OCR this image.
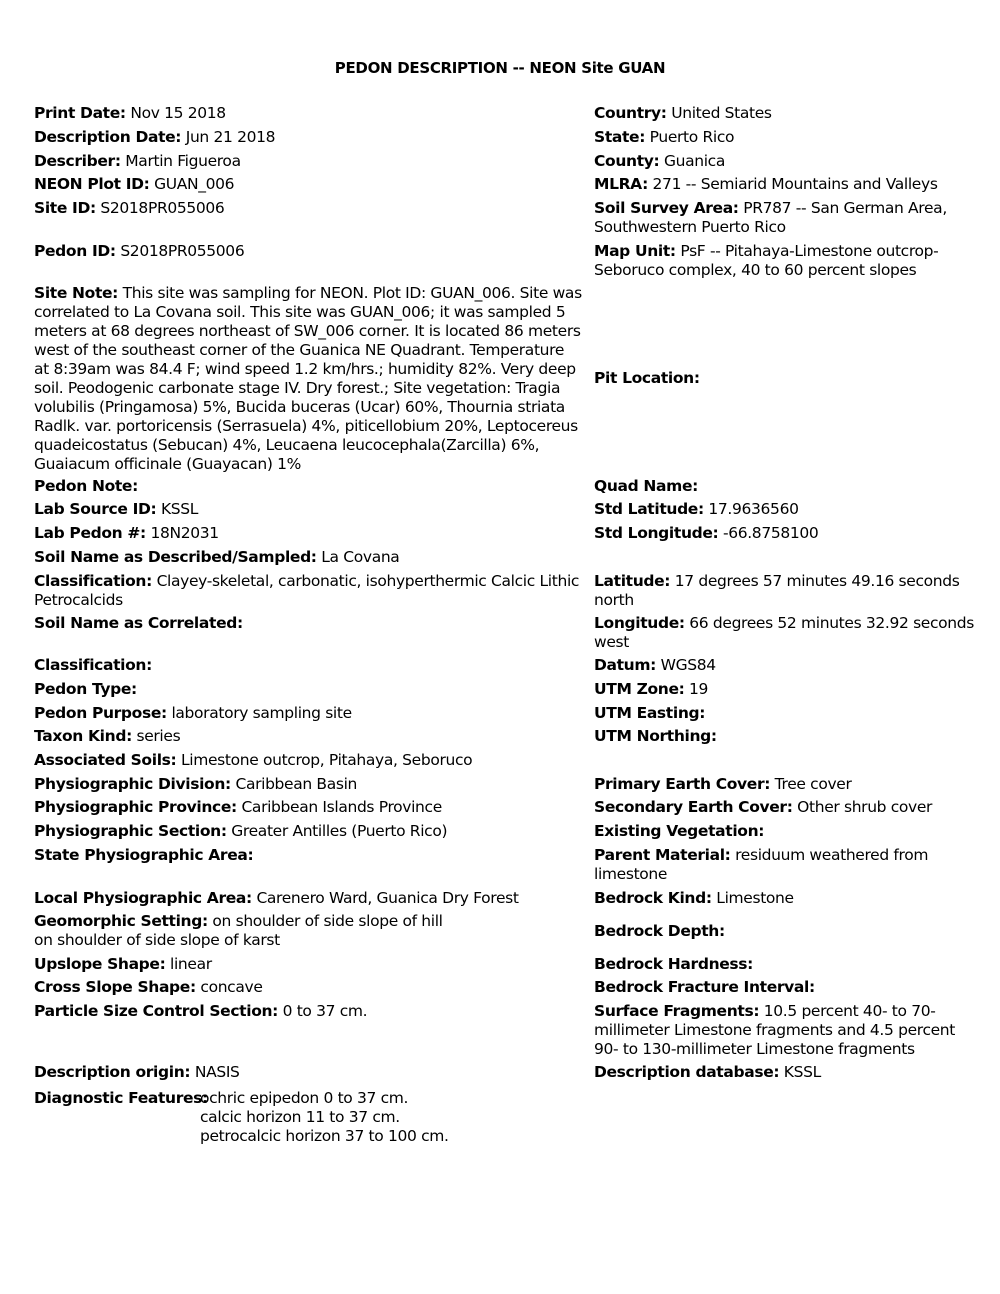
PEDON DESCRIPTION -- NEON Site GUAN
Print Date: Nov 15 2018
Description Date: Jun 21 2018
Describer: Martin Figueroa
NEON Plot ID: GUAN_006
Site ID: S2018PR055006
Pedon ID: S2018PR055006
Site Note: This site was sampling for NEON. Plot ID: GUAN_006. Site was correlated to La Covana soil. This site was GUAN_006; it was sampled 5 meters at 68 degrees northeast of SW_006 corner. It is located 86 meters west of the southeast corner of the Guanica NE Quadrant. Temperature at 8:39am was 84.4 F; wind speed 1.2 km/hrs.; humidity 82%. Very deep soil. Peodogenic carbonate stage IV. Dry forest.; Site vegetation: Tragia volubilis (Pringamosa) 5%, Bucida buceras (Ucar) 60%, Thournia striata Radlk. var. portoricensis (Serrasuela) 4%, piticellobium 20%, Leptocereus quadeicostatus (Sebucan) 4%, Leucaena leucocephala(Zarcilla) 6%, Guaiacum officinale (Guayacan) 1%
Pedon Note:
Lab Source ID: KSSL
Lab Pedon #: 18N2031
Soil Name as Described/Sampled: La Covana
Classification: Clayey-skeletal, carbonatic, isohyperthermic Calcic Lithic Petrocalcids
Soil Name as Correlated:
Classification:
Pedon Type:
Pedon Purpose: laboratory sampling site
Taxon Kind: series
Associated Soils: Limestone outcrop, Pitahaya, Seboruco
Physiographic Division: Caribbean Basin
Physiographic Province: Caribbean Islands Province
Physiographic Section: Greater Antilles (Puerto Rico)
State Physiographic Area:
Local Physiographic Area: Carenero Ward, Guanica Dry Forest
Geomorphic Setting: on shoulder of side slope of hill
on shoulder of side slope of karst
Upslope Shape: linear
Cross Slope Shape: concave
Particle Size Control Section: 0 to 37 cm.
Description origin: NASIS
Diagnostic Features:
ochric epipedon 0 to 37 cm.
calcic horizon 11 to 37 cm.
petrocalcic horizon 37 to 100 cm.
Country: United States
State: Puerto Rico
County: Guanica
MLRA: 271 -- Semiarid Mountains and Valleys
Soil Survey Area: PR787 -- San German Area, Southwestern Puerto Rico
Map Unit: PsF -- Pitahaya-Limestone outcrop-Seboruco complex, 40 to 60 percent slopes
Pit Location:
Quad Name:
Std Latitude: 17.9636560
Std Longitude: -66.8758100
Latitude: 17 degrees 57 minutes 49.16 seconds north
Longitude: 66 degrees 52 minutes 32.92 seconds west
Datum: WGS84
UTM Zone: 19
UTM Easting:
UTM Northing:
Primary Earth Cover: Tree cover
Secondary Earth Cover: Other shrub cover
Existing Vegetation:
Parent Material: residuum weathered from limestone
Bedrock Kind: Limestone
Bedrock Depth:
Bedrock Hardness:
Bedrock Fracture Interval:
Surface Fragments: 10.5 percent 40- to 70-millimeter Limestone fragments and 4.5 percent 90- to 130-millimeter Limestone fragments
Description database: KSSL
